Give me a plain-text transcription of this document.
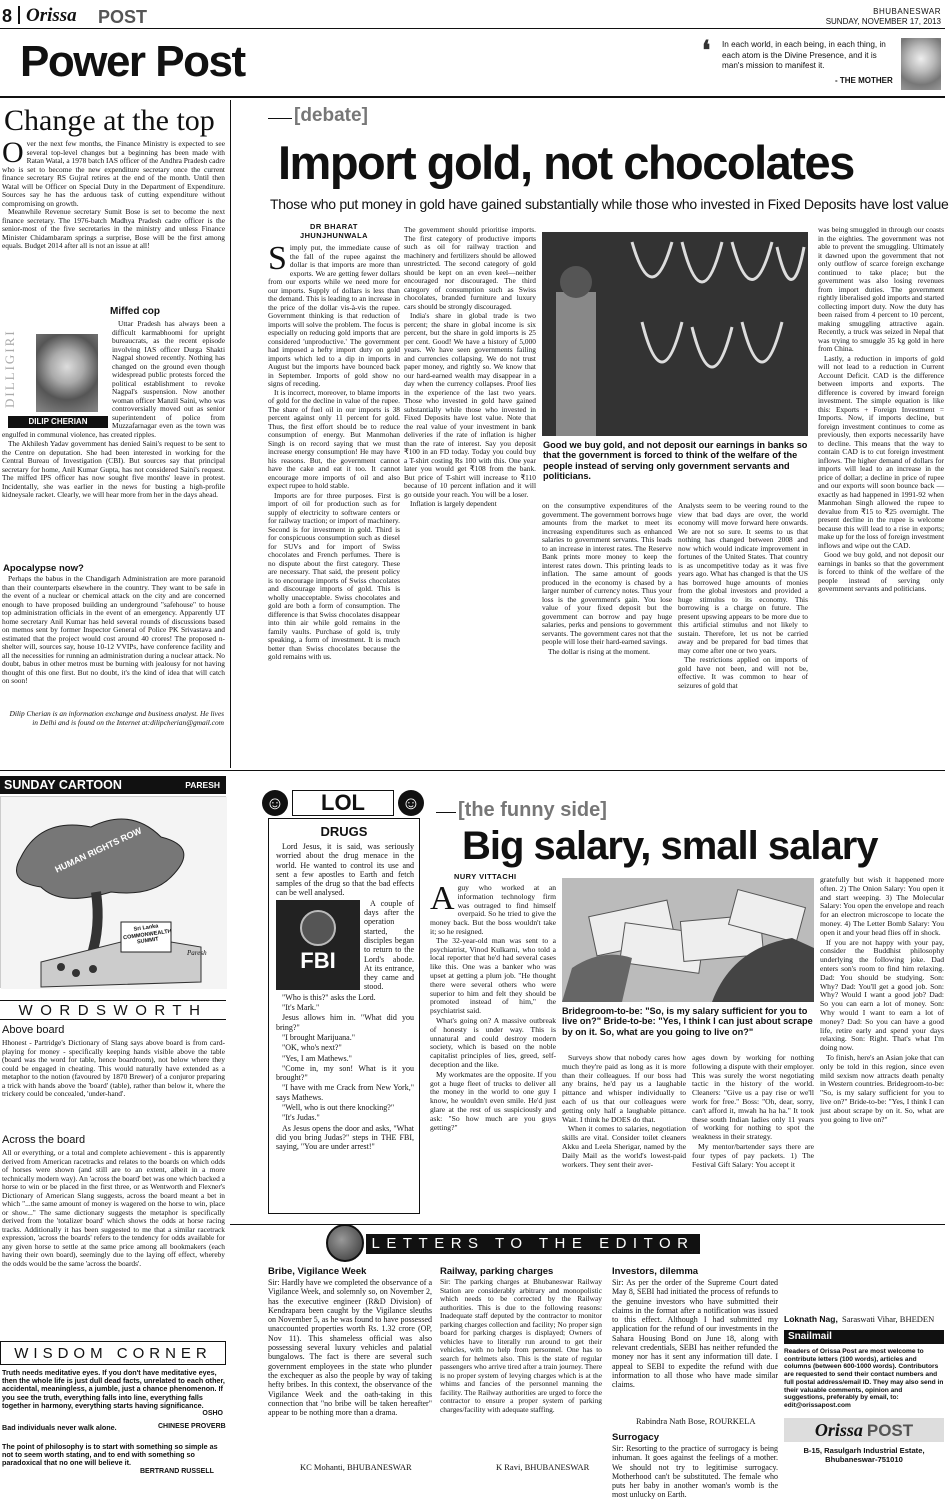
8 Orissa POST	BHUBANESWAR
SUNDAY, NOVEMBER 17, 2013
Power Post	❛ In each world, in each being, in each thing, in each atom is the Divine Presence, and it is man's mission to manifest it.
- THE MOTHER
Change at the top
Over the next few months, the Finance Ministry is expected to see several top-level changes but a beginning has been made with Ratan Watal, a 1978 batch IAS officer of the Andhra Pradesh cadre who is set to become the new expenditure secretary once the current finance secretary RS Gujral retires at the end of the month. Until then Watal will be Officer on Special Duty in the Department of Expenditure. Sources say he has the arduous task of cutting expenditure without compromising on growth.

Meanwhile Revenue secretary Sumit Bose is set to become the next finance secretary. The 1976-batch Madhya Pradesh cadre officer is the senior-most of the five secretaries in the ministry and unless Finance Minister Chidambaram springs a surprise, Bose will be the first among equals. Budget 2014 after all is not an issue at all!

DILLIGIRI
DILIP CHERIAN
Miffed cop

Uttar Pradesh has always been a difficult karmabhoomi for upright bureaucrats, as the recent episode involving IAS officer Durga Shakti Nagpal showed recently. Nothing has changed on the ground even though widespread public protests forced the political establishment to revoke Nagpal's suspension. Now another woman officer Manzil Saini, who was controversially moved out as senior superintendent of police from Muzzafarnagar even as the town was engulfed in communal violence, has created ripples.

The Akhilesh Yadav government has denied Saini's request to be sent to the Centre on deputation. She had been interested in working for the Central Bureau of Investigation (CBI). But sources say that principal secretary for home, Anil Kumar Gupta, has not considered Saini's request. The miffed IPS officer has now sought five months' leave in protest. Incidentally, she was earlier in the news for busting a high-profile kidneysale racket. Clearly, we will hear more from her in the days ahead.

Apocalypse now?

Perhaps the babus in the Chandigarh Administration are more paranoid than their counterparts elsewhere in the country. They want to be safe in the event of a nuclear or chemical attack on the city and are concerned enough to have proposed building an underground "safehouse" to house top administration officials in the event of an emergency. Apparently UT home secretary Anil Kumar has held several rounds of discussions based on memos sent by former Inspector General of Police PK Srivastava and estimated that the project would cost around 40 crores! The proposed n-shelter will, sources say, house 10-12 VVIPs, have conference facility and all the necessities for running an administration during a nuclear attack. No doubt, babus in other metros must be burning with jealousy for not having thought of this one first. But no doubt, it's the kind of idea that will catch on soon!

Dilip Cherian is an information exchange and business analyst. He lives in Delhi and is found on the Internet at:dilipcherian@gmail.com
SUNDAY CARTOON	PARESH
HUMAN RIGHTS ROW
Sri Lanka COMMONWEALTH SUMMIT
Paresh
WORDSWORTH
Above board
Hhonest - Partridge's Dictionary of Slang says above board is from card-playing for money - specifically keeping hands visible above the table (board was the word for table, hence boardroom), not below where they could be engaged in cheating. This would naturally have extended as a metaphor to the notion (favoured by 1870 Brewer) of a conjuror preparing a trick with hands above the 'board' (table), rather than below it, where the trickery could be concealed, 'under-hand'.
Across the board
All or everything, or a total and complete achievement - this is apparently derived from American racetracks and relates to the boards on which odds of horses were shown (and still are to an extent, albeit in a more technically modern way). An 'across the board' bet was one which backed a horse to win or be placed in the first three, or as Wentworth and Flexner's Dictionary of American Slang suggests, across the board meant a bet in which "...the same amount of money is wagered on the horse to win, place or show..." The same dictionary suggests the metaphor is specifically derived from the 'totalizer board' which shows the odds at horse racing tracks. Additionally it has been suggested to me that a similar racetrack expression, 'across the boards' refers to the tendency for odds available for any given horse to settle at the same price among all bookmakers (each having their own board), seemingly due to the laying off effect, whereby the odds would be the same 'across the boards'.
WISDOM CORNER
Truth needs meditative eyes. If you don't have meditative eyes, then the whole life is just dull dead facts, unrelated to each other, accidental, meaningless, a jumble, just a chance phenomenon. If you see the truth, everything falls into line, everything falls together in harmony, everything starts having significance.
OSHO
Bad individuals never walk alone.	CHINESE PROVERB
The point of philosophy is to start with something so simple as not to seem worth stating, and to end with something so paradoxical that no one will believe it.
BERTRAND RUSSELL
[debate]
Import gold, not chocolates
Those who put money in gold have gained substantially while those who invested in Fixed Deposits have lost value
DR BHARAT
JHUNJHUNWALA
Simply put, the immediate cause of the fall of the rupee against the dollar is that imports are more than exports. We are getting fewer dollars from our exports while we need more for our imports. Supply of dollars is less than the demand. This is leading to an increase in the price of the dollar vis-à-vis the rupee. Government thinking is that reduction of imports will solve the problem. The focus is especially on reducing gold imports that are considered 'unproductive.' The government had imposed a hefty import duty on gold imports which led to a dip in imports in August but the imports have bounced back in September. Imports of gold show no signs of receding.

It is incorrect, moreover, to blame imports of gold for the decline in value of the rupee. The share of fuel oil in our imports is 38 percent against only 11 percent for gold. Thus, the first effort should be to reduce consumption of energy. But Manmohan Singh is on record saying that we must increase energy consumption! He may have his reasons. But, the government cannot have the cake and eat it too. It cannot encourage more imports of oil and also expect rupee to hold stable.

Imports are for three purposes. First is import of oil for production such as for supply of electricity to software centers or for railway traction; or import of machinery. Second is for investment in gold. Third is for conspicuous consumption such as diesel for SUVs and for import of Swiss chocolates and French perfumes. There is no dispute about the first category. These are necessary. That said, the present policy is to encourage imports of Swiss chocolates and discourage imports of gold. This is wholly unacceptable. Swiss chocolates and gold are both a form of consumption. The difference is that Swiss chocolates disappear into thin air while gold remains in the family vaults. Purchase of gold is, truly speaking, a form of investment. It is much better than Swiss chocolates because the gold remains with us.

The government should prioritise imports. The first category of productive imports such as oil for railway traction and machinery and fertilizers should be allowed unrestricted. The second category of gold should be kept on an even keel—neither encouraged nor discouraged. The third category of consumption such as Swiss chocolates, branded furniture and luxury cars should be strongly discouraged.

India's share in global trade is two percent; the share in global income is six percent, but the share in gold imports is 25 per cent. Good! We have a history of 5,000 years. We have seen governments failing and currencies collapsing. We do not trust paper money, and rightly so. We know that our hard-earned wealth may disappear in a day when the currency collapses. Proof lies in the experience of the last two years. Those who invested in gold have gained substantially while those who invested in Fixed Deposits have lost value. Note that the real value of your investment in bank deliveries if the rate of inflation is higher than the rate of interest. Say you deposit ₹100 in an FD today. Today you could buy a T-shirt costing Rs 100 with this. One year later you would get ₹108 from the bank. But price of T-shirt will increase to ₹110 because of 10 percent inflation and it will go outside your reach. You will be a loser.

Inflation is largely dependent

Good we buy gold, and not deposit our earnings in banks so that the government is forced to think of the welfare of the people instead of serving only government servants and politicians.

on the consumptive expenditures of the government. The government borrows huge amounts from the market to meet its increasing expenditures such as enhanced salaries to government servants. This leads to an increase in interest rates. The Reserve Bank prints more money to keep the interest rates down. This printing leads to inflation. The same amount of goods produced in the economy is chased by a larger number of currency notes. Thus your loss is the government's gain. You lose value of your fixed deposit but the government can borrow and pay huge salaries, perks and pensions to government servants. The government cares not that the people will lose their hard-earned savings.

The dollar is rising at the moment.

Analysts seem to be veering round to the view that bad days are over, the world economy will move forward here onwards. We are not so sure. It seems to us that nothing has changed between 2008 and now which would indicate improvement in fortunes of the United States. That country is as uncompetitive today as it was five years ago. What has changed is that the US has borrowed huge amounts of monies from the global investors and provided a huge stimulus to its economy. This borrowing is a charge on future. The present upswing appears to be more due to this artificial stimulus and not likely to sustain. Therefore, let us not be carried away and be prepared for bad times that may come after one or two years.

The restrictions applied on imports of gold have not been, and will not be, effective. It was common to hear of seizures of gold that

was being smuggled in through our coasts in the eighties. The government was not able to prevent the smuggling. Ultimately it dawned upon the government that not only outflow of scarce foreign exchange continued to take place; but the government was also losing revenues from import duties. The government rightly liberalised gold imports and started collecting import duty. Now the duty has been raised from 4 percent to 10 percent, making smuggling attractive again. Recently, a truck was seized in Nepal that was trying to smuggle 35 kg gold in here from China.

Lastly, a reduction in imports of gold will not lead to a reduction in Current Account Deficit. CAD is the difference between imports and exports. The difference is covered by inward foreign investment. The simple equation is like this: Exports + Foreign Investment = Imports. Now, if imports decline, but foreign investment continues to come as previously, then exports necessarily have to decline. This means that the way to contain CAD is to cut foreign investment inflows. The higher demand of dollars for imports will lead to an increase in the price of dollar; a decline in price of rupee and our exports will soon bounce back — exactly as had happened in 1991-92 when Manmohan Singh allowed the rupee to devalue from ₹15 to ₹25 overnight. The present decline in the rupee is welcome because this will lead to a rise in exports; make up for the loss of foreign investment inflows and wipe out the CAD.

Good we buy gold, and not deposit our earnings in banks so that the government is forced to think of the welfare of the people instead of serving only government servants and politicians.

☺	LOL	☺
DRUGS

Lord Jesus, it is said, was seriously worried about the drug menace in the world. He wanted to control its use and sent a few apostles to Earth and fetch samples of the drug so that the bad effects can be well analysed.

FBI

A couple of days after the operation started, the disciples began to return to the Lord's abode. At its entrance, they came and stood.

"Who is this?" asks the Lord.

"It's Mark."

Jesus allows him in. "What did you bring?"

"I brought Marijuana."

"OK, who's next?"

"Yes, I am Mathews."

"Come in, my son! What is it you brought?"

"I have with me Crack from New York," says Mathews.

"Well, who is out there knocking?"

"It's Judas."

As Jesus opens the door and asks, "What did you bring Judas?" steps in THE FBI, saying, "You are under arrest!"

[the funny side]
Big salary, small salary
NURY VITTACHI
Aguy who worked at an information technology firm was outraged to find himself overpaid. So he tried to give the money back. But the boss wouldn't take it; so he resigned.

The 32-year-old man was sent to a psychiatrist, Vinod Kulkarni, who told a local reporter that he'd had several cases like this. One was a banker who was upset at getting a plum job. "He thought there were several others who were superior to him and felt they should be promoted instead of him," the psychiatrist said.

What's going on? A massive outbreak of honesty is under way. This is unnatural and could destroy modern society, which is based on the noble capitalist principles of lies, greed, self-deception and the like.

My workmates are the opposite. If you got a huge fleet of trucks to deliver all the money in the world to one guy I know, he wouldn't even smile. He'd just glare at the rest of us suspiciously and ask: "So how much are you guys getting?"

Bridegroom-to-be: "So, is my salary sufficient for you to live on?" Bride-to-be: "Yes, I think I can just about scrape by on it. So, what are you going to live on?"

Surveys show that nobody cares how much they're paid as long as it is more than their colleagues. If our boss had any brains, he'd pay us a laughable pittance and whisper individually to each of us that our colleagues were getting only half a laughable pittance. Wait. I think he DOES do that.

When it comes to salaries, negotiation skills are vital. Consider toilet cleaners Akku and Leela Sherigar, named by the Daily Mail as the world's lowest-paid workers. They sent their aver-

ages down by working for nothing following a dispute with their employer. This was surely the worst negotiating tactic in the history of the world. Cleaners: "Give us a pay rise or we'll work for free." Boss: "Oh, dear, sorry, can't afford it, mwah ha ha ha." It took these south Indian ladies only 11 years of working for nothing to spot the weakness in their strategy.

My mentor/bartender says there are four types of pay packets. 1) The Festival Gift Salary: You accept it

gratefully but wish it happened more often. 2) The Onion Salary: You open it and start weeping. 3) The Molecular Salary: You open the envelope and reach for an electron microscope to locate the money. 4) The Letter Bomb Salary: You open it and your head flies off in shock.

If you are not happy with your pay, consider the Buddhist philosophy underlying the following joke. Dad enters son's room to find him relaxing. Dad: You should be studying. Son: Why? Dad: You'll get a good job. Son: Why? Would I want a good job? Dad: So you can earn a lot of money. Son: Why would I want to earn a lot of money? Dad: So you can have a good life, retire early and spend your days relaxing. Son: Right. That's what I'm doing now.

To finish, here's an Asian joke that can only be told in this region, since even mild sexism now attracts death penalty in Western countries. Bridegroom-to-be: "So, is my salary sufficient for you to live on?" Bride-to-be: "Yes, I think I can just about scrape by on it. So, what are you going to live on?"

LETTERS TO THE EDITOR
Bribe, Vigilance Week
Sir: Hardly have we completed the observance of a Vigilance Week, and solemnly so, on November 2, has the executive engineer (R&D Division) of Kendrapara been caught by the Vigilance sleuths on November 5, as he was found to have possessed unaccounted properties worth Rs. 1.32 crore (OP, Nov 11). This shameless official was also possessing several luxury vehicles and palatial bungalows. The fact is there are several such government employees in the state who plunder the exchequer as also the people by way of taking hefty bribes. In this context, the observance of the Vigilance Week and the oath-taking in this connection that "no bribe will be taken hereafter" appear to be nothing more than a drama.
KC Mohanti, BHUBANESWAR
Railway, parking charges
Sir: The parking charges at Bhubaneswar Railway Station are considerably arbitrary and monopolistic which needs to be corrected by the Railway authorities. This is due to the following reasons: Inadequate staff deputed by the contractor to monitor parking charges collection and facility; No proper sign board for parking charges is displayed; Owners of vehicles have to literally run around to get their vehicles, with no help from personnel. One has to search for helmets also. This is the state of regular passengers who arrive tired after a train journey. There is no proper system of levying charges which is at the whims and fancies of the personnel manning the facility. The Railway authorities are urged to force the contractor to ensure a proper system of parking charges/facility with adequate staffing.
K Ravi, BHUBANESWAR
Investors, dilemma
Sir: As per the order of the Supreme Court dated May 8, SEBI had initiated the process of refunds to the genuine investors who have submitted their claims in the format after a notification was issued to this effect. Although I had submitted my application for the refund of our investments in the Sahara Housing Bond on June 18, along with relevant credentials, SEBI has neither refunded the money nor has it sent any information till date. I appeal to SEBI to expedite the refund with due information to all those who have made similar claims.
Rabindra Nath Bose, ROURKELA
Surrogacy
Sir: Resorting to the practice of surrogacy is being inhuman. It goes against the feelings of a mother. We should not try to legitimise surrogacy. Motherhood can't be substituted. The female who puts her baby in another woman's womb is the most unlucky on Earth.
Loknath Nag, Saraswati Vihar, BHEDEN
Snailmail
Readers of Orissa Post are most welcome to contribute letters (100 words), articles and columns (between 600-1000 words). Contributors are requested to send their contact numbers and full postal address/email ID. They may also send in their valuable comments, opinion and suggestions, preferably by email, to: edit@orissapost.com
Orissa POST
B-15, Rasulgarh Industrial Estate, Bhubaneswar-751010
